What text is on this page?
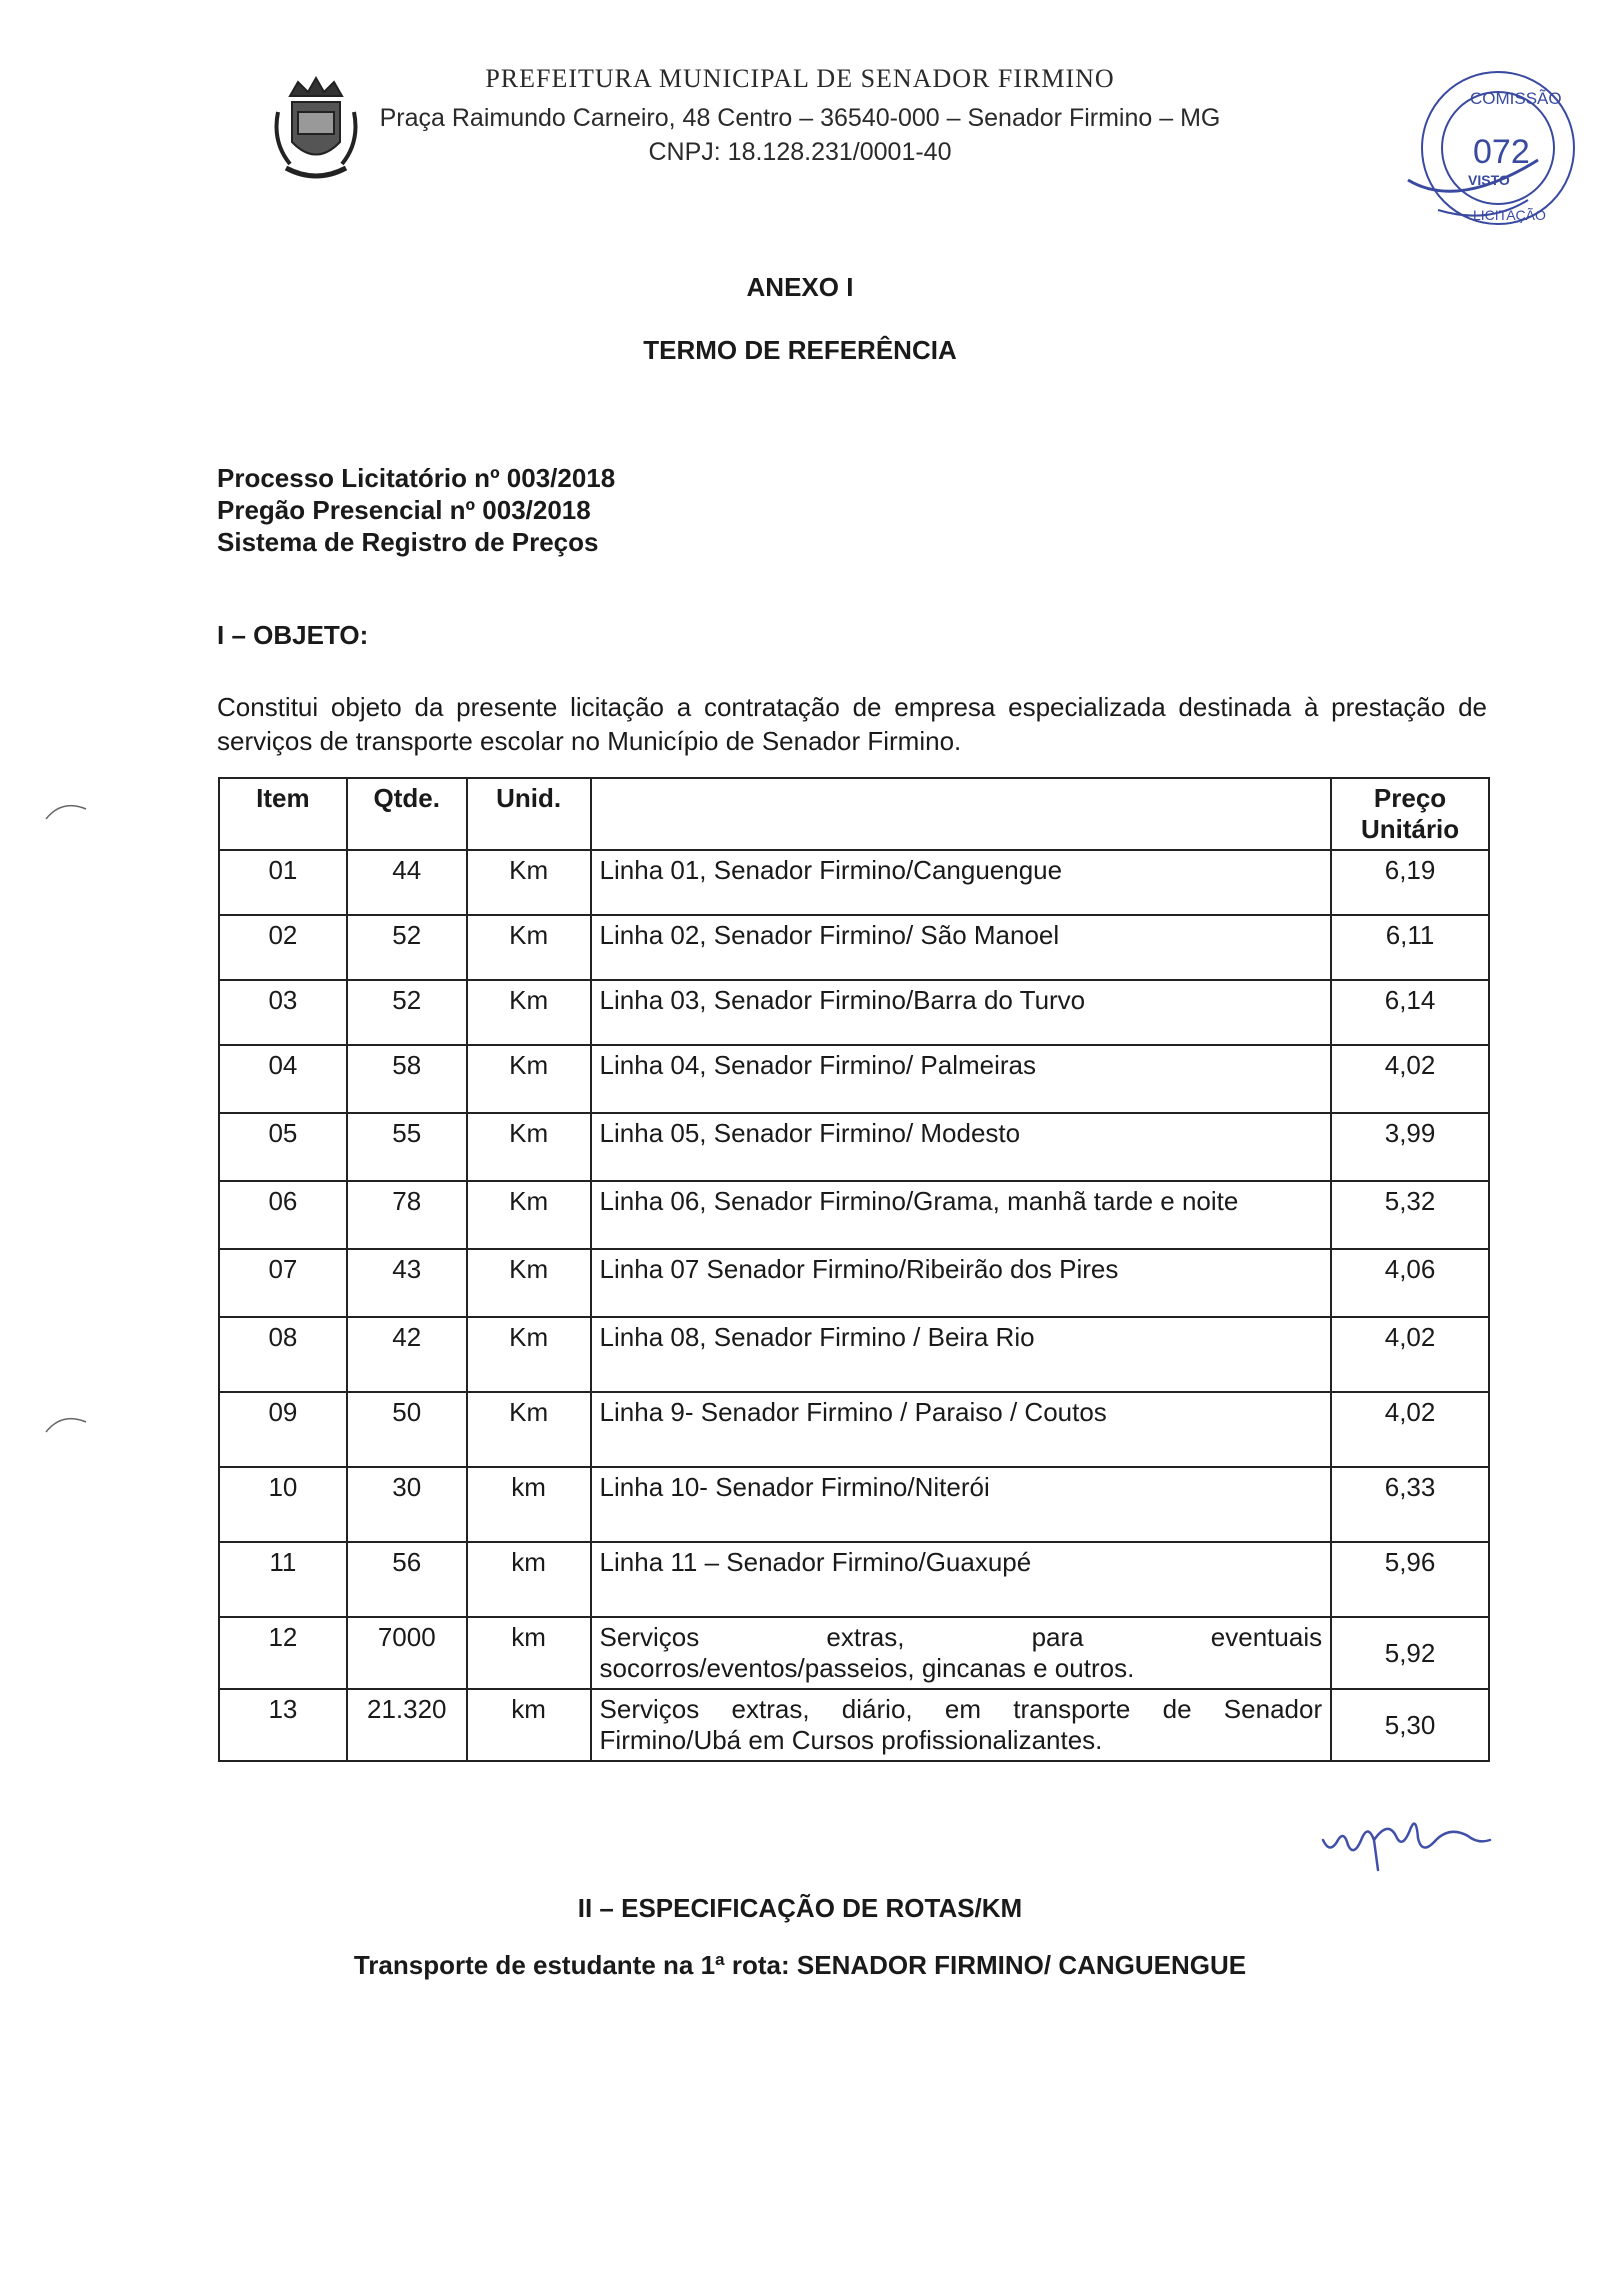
PREFEITURA MUNICIPAL DE SENADOR FIRMINO
Praça Raimundo Carneiro, 48 Centro – 36540-000 – Senador Firmino – MG
CNPJ: 18.128.231/0001-40
COMISSÃO
072
VISTO
LICITAÇÃO
ANEXO I
TERMO DE REFERÊNCIA
Processo Licitatório nº 003/2018
Pregão Presencial nº 003/2018
Sistema de Registro de Preços
I – OBJETO:
Constitui objeto da presente licitação a contratação de empresa especializada destinada à prestação de serviços de transporte escolar no Município de Senador Firmino.
Item	Qtde.	Unid.		Preço
Unitário

01	44	Km	Linha 01, Senador Firmino/Canguengue	6,19
02	52	Km	Linha 02, Senador Firmino/ São Manoel	6,11
03	52	Km	Linha 03, Senador Firmino/Barra do Turvo	6,14
04	58	Km	Linha 04, Senador Firmino/ Palmeiras	4,02
05	55	Km	Linha 05, Senador Firmino/ Modesto	3,99
06	78	Km	Linha 06, Senador Firmino/Grama, manhã tarde e noite	5,32
07	43	Km	Linha 07 Senador Firmino/Ribeirão dos Pires	4,06
08	42	Km	Linha 08, Senador Firmino / Beira Rio	4,02
09	50	Km	Linha 9- Senador Firmino / Paraiso / Coutos	4,02
10	30	km	Linha 10- Senador Firmino/Niterói	6,33
11	56	km	Linha 11 – Senador Firmino/Guaxupé	5,96
12	7000	km	Serviços extras, para eventuais
socorros/eventos/passeios, gincanas e outros.	5,92
13	21.320	km	Serviços extras, diário, em transporte de Senador
Firmino/Ubá em Cursos profissionalizantes.	5,30
II – ESPECIFICAÇÃO DE ROTAS/KM
Transporte de estudante na 1ª rota: SENADOR FIRMINO/ CANGUENGUE
